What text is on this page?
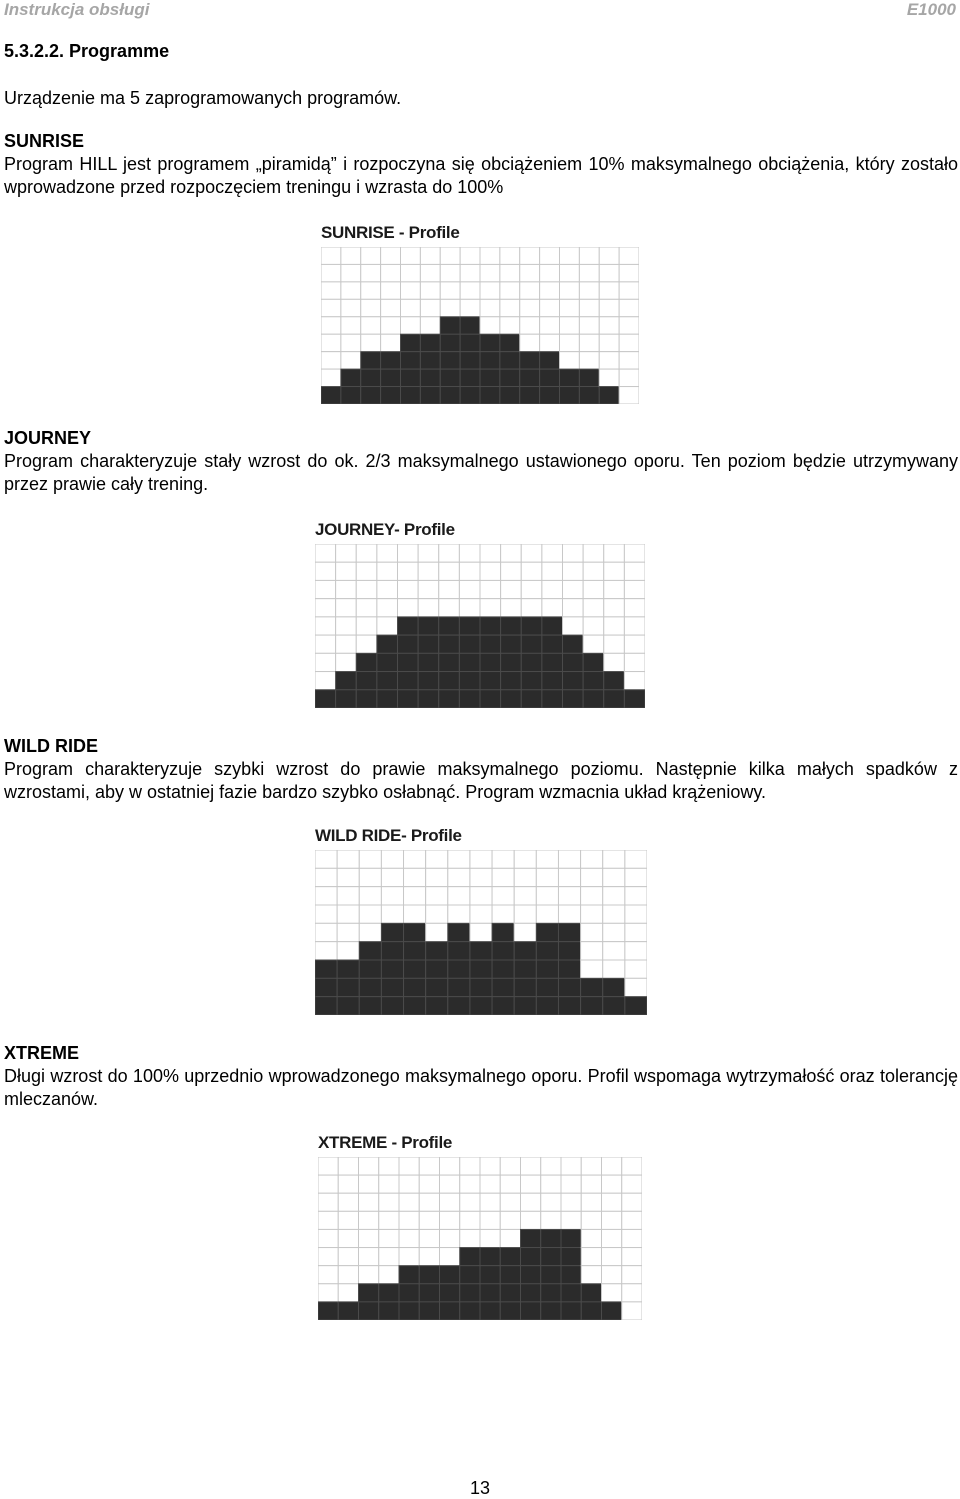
Instrukcja obsługi	E1000
5.3.2.2. Programme
Urządzenie ma 5 zaprogramowanych programów.
SUNRISE
Program HILL jest programem „piramidą” i rozpoczyna się obciążeniem 10% maksymalnego obciążenia, który zostało wprowadzone przed rozpoczęciem treningu i wzrasta do 100%
SUNRISE - Profile
JOURNEY
Program charakteryzuje stały wzrost do ok. 2/3 maksymalnego ustawionego oporu. Ten poziom będzie utrzymywany przez prawie cały trening.
JOURNEY- Profile
WILD RIDE
Program charakteryzuje szybki wzrost do prawie maksymalnego poziomu. Następnie kilka małych spadków z wzrostami, aby w ostatniej fazie bardzo szybko osłabnąć. Program wzmacnia układ krążeniowy.
WILD RIDE- Profile
XTREME
Długi wzrost do 100% uprzednio wprowadzonego maksymalnego oporu. Profil wspomaga wytrzymałość oraz tolerancję mleczanów.
XTREME - Profile
13
